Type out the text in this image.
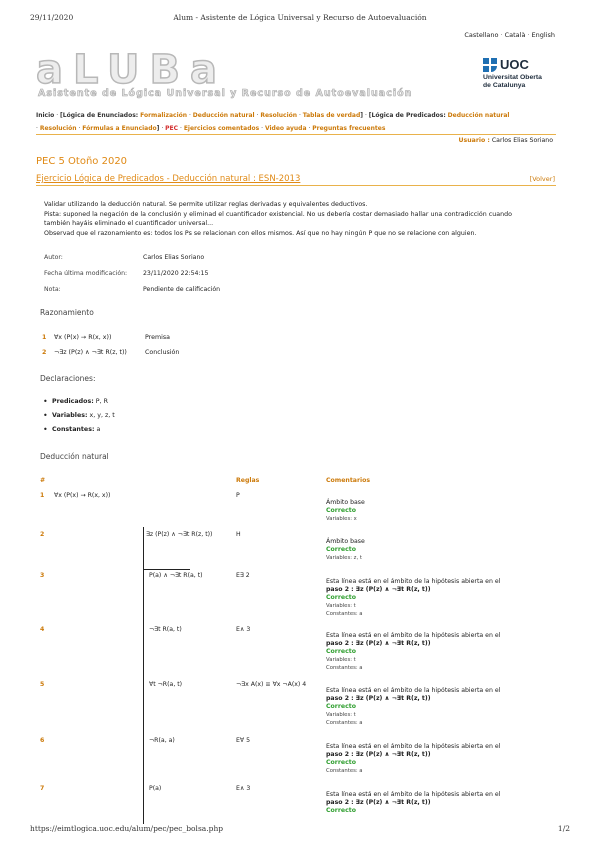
29/11/2020	Alum - Asistente de Lógica Universal y Recurso de Autoevaluación
Castellano · Català · English
aLUBa
Asistente de Lógica Universal y Recurso de Autoevaluación
UOC
Universitat Oberta
de Catalunya
Inicio · [Lógica de Enunciados: Formalización · Deducción natural · Resolución · Tablas de verdad] · [Lógica de Predicados: Deducción natural
· Resolución · Fórmulas a Enunciado] · PEC · Ejercicios comentados · Video ayuda · Preguntas frecuentes
Usuario : Carlos Elias Soriano
PEC 5 Otoño 2020
Ejercicio Lógica de Predicados - Deducción natural : ESN-2013	[Volver]
Validar utilizando la deducción natural. Se permite utilizar reglas derivadas y equivalentes deductivos.
Pista: suponed la negación de la conclusión y eliminad el cuantificador existencial. No us debería costar demasiado hallar una contradicción cuando también hayáis eliminado el cuantificador universal...
Observad que el razonamiento es: todos los Ps se relacionan con ellos mismos. Así que no hay ningún P que no se relacione con alguien.
Autor:	Carlos Elias Soriano
Fecha última modificación:	23/11/2020 22:54:15
Nota:	Pendiente de calificación
Razonamiento
1 ∀x (P(x) → R(x, x))	Premisa
2 ¬∃z (P(z) ∧ ¬∃t R(z, t))	Conclusión
Declaraciones:
• Predicados: P, R
• Variables: x, y, z, t
• Constantes: a
Deducción natural
#	Reglas	Comentarios
1 ∀x (P(x) → R(x, x))	P
Ámbito base
Correcto
Variables: x
2	∃z (P(z) ∧ ¬∃t R(z, t))	H
Ámbito base
Correcto
Variables: z, t
3	P(a) ∧ ¬∃t R(a, t)	E∃ 2
Esta línea está en el ámbito de la hipótesis abierta en el
paso 2 : ∃z (P(z) ∧ ¬∃t R(z, t))
Correcto
Variables: t
Constantes: a
4	¬∃t R(a, t)	E∧ 3
Esta línea está en el ámbito de la hipótesis abierta en el
paso 2 : ∃z (P(z) ∧ ¬∃t R(z, t))
Correcto
Variables: t
Constantes: a
5	∀t ¬R(a, t)	¬∃x A(x) ≡ ∀x ¬A(x) 4
Esta línea está en el ámbito de la hipótesis abierta en el
paso 2 : ∃z (P(z) ∧ ¬∃t R(z, t))
Correcto
Variables: t
Constantes: a
6	¬R(a, a)	E∀ 5
Esta línea está en el ámbito de la hipótesis abierta en el
paso 2 : ∃z (P(z) ∧ ¬∃t R(z, t))
Correcto
Constantes: a
7	P(a)	E∧ 3
Esta línea está en el ámbito de la hipótesis abierta en el
paso 2 : ∃z (P(z) ∧ ¬∃t R(z, t))
Correcto
https://eimtlogica.uoc.edu/alum/pec/pec_bolsa.php	1/2
